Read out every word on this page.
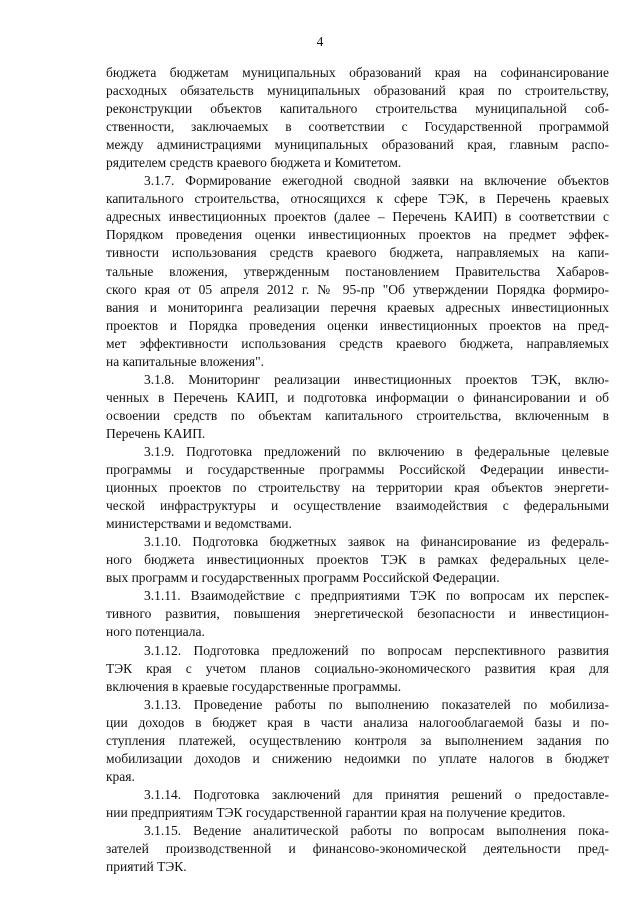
4
бюджета бюджетам муниципальных образований края на софинансирование
расходных обязательств муниципальных образований края по строительству,
реконструкции объектов капитального строительства муниципальной соб-
ственности, заключаемых в соответствии с Государственной программой
между администрациями муниципальных образований края, главным распо-
рядителем средств краевого бюджета и Комитетом.
3.1.7. Формирование ежегодной сводной заявки на включение объектов
капитального строительства, относящихся к сфере ТЭК, в Перечень краевых
адресных инвестиционных проектов (далее – Перечень КАИП) в соответствии с
Порядком проведения оценки инвестиционных проектов на предмет эффек-
тивности использования средств краевого бюджета, направляемых на капи-
тальные вложения, утвержденным постановлением Правительства Хабаров-
ского края от 05 апреля 2012 г. № 95-пр "Об утверждении Порядка формиро-
вания и мониторинга реализации перечня краевых адресных инвестиционных
проектов и Порядка проведения оценки инвестиционных проектов на пред-
мет эффективности использования средств краевого бюджета, направляемых
на капитальные вложения".
3.1.8. Мониторинг реализации инвестиционных проектов ТЭК, вклю-
ченных в Перечень КАИП, и подготовка информации о финансировании и об
освоении средств по объектам капитального строительства, включенным в
Перечень КАИП.
3.1.9. Подготовка предложений по включению в федеральные целевые
программы и государственные программы Российской Федерации инвести-
ционных проектов по строительству на территории края объектов энергети-
ческой инфраструктуры и осуществление взаимодействия с федеральными
министерствами и ведомствами.
3.1.10. Подготовка бюджетных заявок на финансирование из федераль-
ного бюджета инвестиционных проектов ТЭК в рамках федеральных целе-
вых программ и государственных программ Российской Федерации.
3.1.11. Взаимодействие с предприятиями ТЭК по вопросам их перспек-
тивного развития, повышения энергетической безопасности и инвестицион-
ного потенциала.
3.1.12. Подготовка предложений по вопросам перспективного развития
ТЭК края с учетом планов социально-экономического развития края для
включения в краевые государственные программы.
3.1.13. Проведение работы по выполнению показателей по мобилиза-
ции доходов в бюджет края в части анализа налогооблагаемой базы и по-
ступления платежей, осуществлению контроля за выполнением задания по
мобилизации доходов и снижению недоимки по уплате налогов в бюджет
края.
3.1.14. Подготовка заключений для принятия решений о предоставле-
нии предприятиям ТЭК государственной гарантии края на получение кредитов.
3.1.15. Ведение аналитической работы по вопросам выполнения пока-
зателей производственной и финансово-экономической деятельности пред-
приятий ТЭК.
